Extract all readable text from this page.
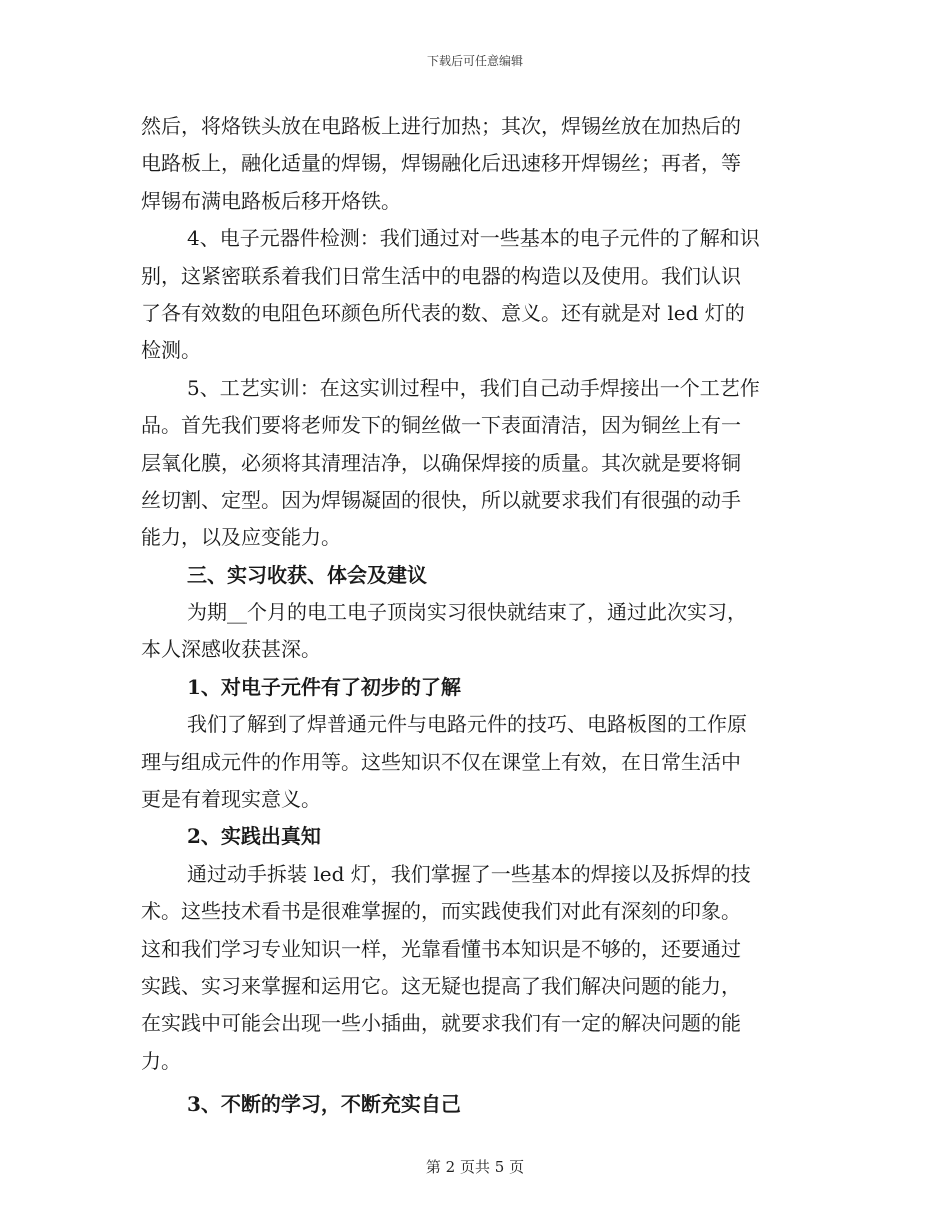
下载后可任意编辑
然后，将烙铁头放在电路板上进行加热；其次，焊锡丝放在加热后的
电路板上，融化适量的焊锡，焊锡融化后迅速移开焊锡丝；再者，等
焊锡布满电路板后移开烙铁。
4、电子元器件检测：我们通过对一些基本的电子元件的了解和识
别，这紧密联系着我们日常生活中的电器的构造以及使用。我们认识
了各有效数的电阻色环颜色所代表的数、意义。还有就是对 led 灯的
检测。
5、工艺实训：在这实训过程中，我们自己动手焊接出一个工艺作
品。首先我们要将老师发下的铜丝做一下表面清洁，因为铜丝上有一
层氧化膜，必须将其清理洁净，以确保焊接的质量。其次就是要将铜
丝切割、定型。因为焊锡凝固的很快，所以就要求我们有很强的动手
能力，以及应变能力。
三、实习收获、体会及建议
为期__个月的电工电子顶岗实习很快就结束了，通过此次实习，
本人深感收获甚深。
1、对电子元件有了初步的了解
我们了解到了焊普通元件与电路元件的技巧、电路板图的工作原
理与组成元件的作用等。这些知识不仅在课堂上有效，在日常生活中
更是有着现实意义。
2、实践出真知
通过动手拆装 led 灯，我们掌握了一些基本的焊接以及拆焊的技
术。这些技术看书是很难掌握的，而实践使我们对此有深刻的印象。
这和我们学习专业知识一样，光靠看懂书本知识是不够的，还要通过
实践、实习来掌握和运用它。这无疑也提高了我们解决问题的能力，
在实践中可能会出现一些小插曲，就要求我们有一定的解决问题的能
力。
3、不断的学习，不断充实自己
第 2 页共 5 页
